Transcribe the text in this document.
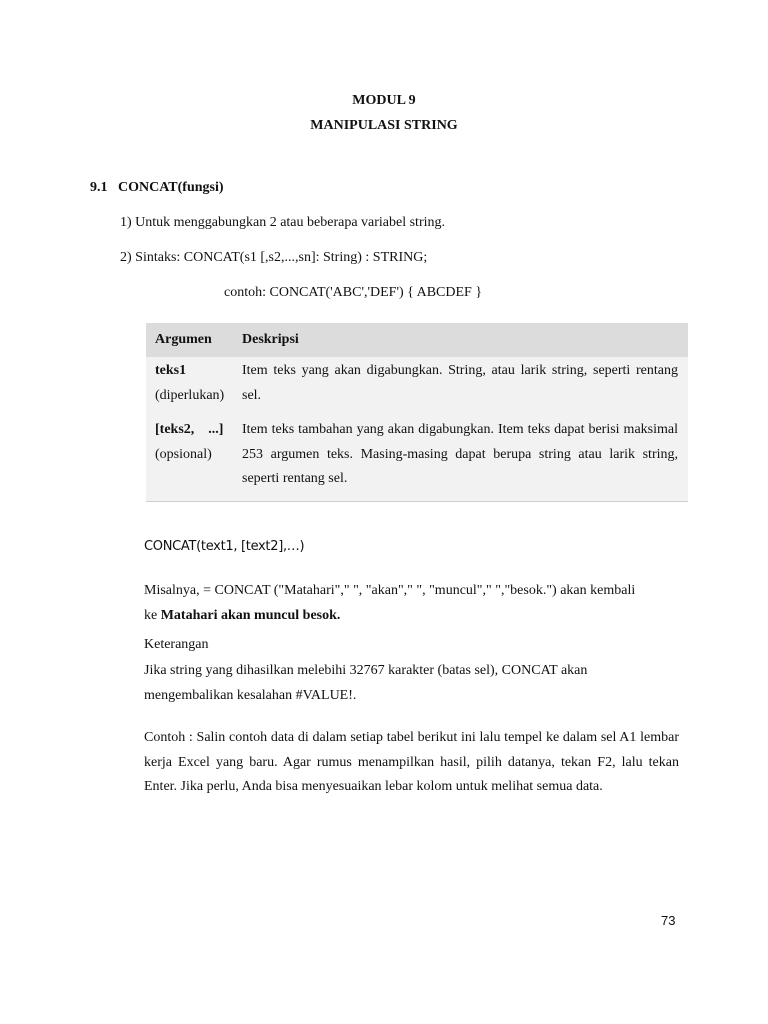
MODUL 9
MANIPULASI STRING
9.1   CONCAT(fungsi)
1) Untuk menggabungkan 2 atau beberapa variabel string.
2) Sintaks: CONCAT(s1 [,s2,...,sn]: String) : STRING;
contoh: CONCAT('ABC','DEF') { ABCDEF }
Argumen	Deskripsi

teks1
(diperlukan)	Item teks yang akan digabungkan. String, atau larik string, seperti rentang sel.

[teks2,    ...]
(opsional)	Item teks tambahan yang akan digabungkan. Item teks dapat berisi maksimal 253 argumen teks. Masing-masing dapat berupa string atau larik string, seperti rentang sel.
CONCAT(text1, [text2],…)
Misalnya, = CONCAT ("Matahari"," ", "akan"," ", "muncul"," ","besok.") akan kembali
ke Matahari akan muncul besok.
Keterangan
Jika string yang dihasilkan melebihi 32767 karakter (batas sel), CONCAT akan mengembalikan kesalahan #VALUE!.
Contoh : Salin contoh data di dalam setiap tabel berikut ini lalu tempel ke dalam sel A1 lembar kerja Excel yang baru. Agar rumus menampilkan hasil, pilih datanya, tekan F2, lalu tekan Enter. Jika perlu, Anda bisa menyesuaikan lebar kolom untuk melihat semua data.
73
